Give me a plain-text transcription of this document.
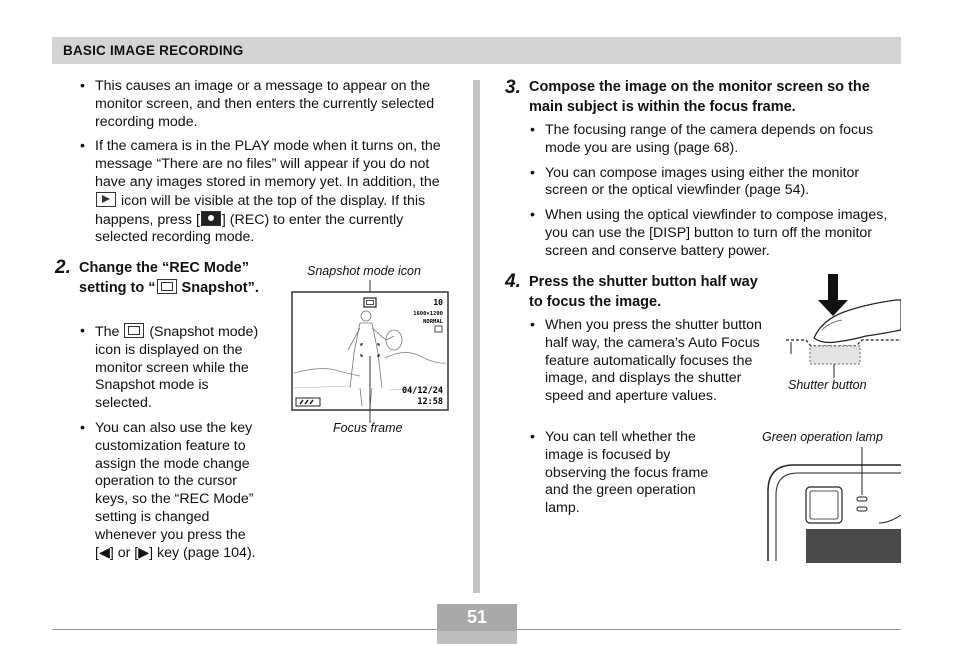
BASIC IMAGE RECORDING
• This causes an image or a message to appear on the monitor screen, and then enters the currently selected recording mode.
• If the camera is in the PLAY mode when it turns on, the message “There are no files” will appear if you do not have any images stored in memory yet. In addition, the  icon will be visible at the top of the display. If this happens, press [ ] (REC) to enter the currently selected recording mode.
2. Change the “REC Mode” setting to “ Snapshot”.
• The  (Snapshot mode) icon is displayed on the monitor screen while the Snapshot mode is selected.
• You can also use the key customization feature to assign the mode change operation to the cursor keys, so the “REC Mode” setting is changed whenever you press the [◀] or [▶] key (page 104).
Snapshot mode icon
10
1600×1200
NORMAL
04/12/24
12:58
Focus frame
3. Compose the image on the monitor screen so the main subject is within the focus frame.
• The focusing range of the camera depends on focus mode you are using (page 68).
• You can compose images using either the monitor screen or the optical viewfinder (page 54).
• When using the optical viewfinder to compose images, you can use the [DISP] button to turn off the monitor screen and conserve battery power.
4. Press the shutter button half way to focus the image.
• When you press the shutter button half way, the camera’s Auto Focus feature automatically focuses the image, and displays the shutter speed and aperture values.
• You can tell whether the image is focused by observing the focus frame and the green operation lamp.
Shutter button
Green operation lamp
51
